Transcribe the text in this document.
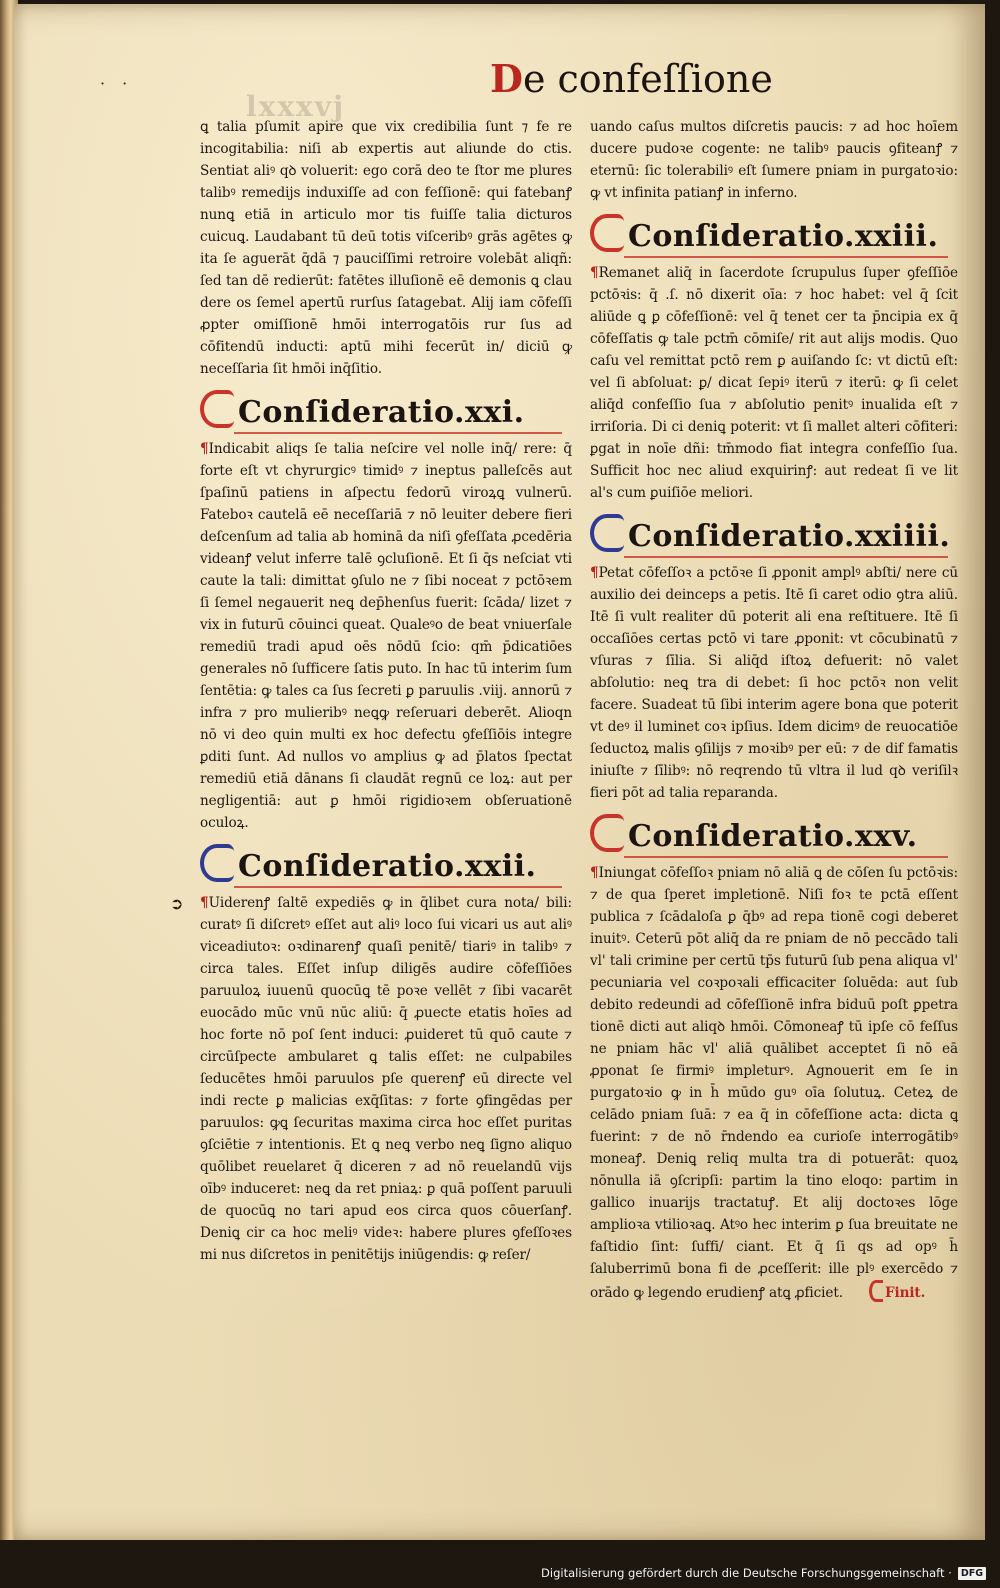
· ·
lxxxvj
De confeſſione
➲

ꝗ talia pſumit apire que vix credibilia ſunt ⁊ fe re incogitabilia: niſi ab expertis aut aliunde do ctis. Sentiat aliꝰ qꝺ voluerit: ego corā deo te ſtor me plures talibꝰ remedijs induxiſſe ad con feſſionē: qui fatebanꝭ nunꝗ etiā in articulo mor tis fuiſſe talia dicturos cuicuꝗ. Laudabant tū deū totis viſceribꝰ grās agētes ꝙ ita ſe aguerāt q̄dā ⁊ pauciſſimi retroire volebāt aliqñ: ſed tan dē redierūt: fatētes illuſionē eē demonis ꝗ clau dere os ſemel apertū rurſus ſatagebat. Alij iam cōfeſſi ꝓpter omiſſionē hmōi interrogatōis rur ſus ad cōfitendū inducti: aptū mihi fecerūt in/ diciū ꝙ neceſſaria ſit hmōi inq̄ſitio.

Conſideratio.xxi.

¶Indicabit aliqs ſe talia neſcire vel nolle inq̄/ rere: q̄ forte eſt vt chyrurgicꝰ timidꝰ ⁊ ineptus palleſcēs aut ſpaſinū patiens in aſpectu fedorū viroꝝꝗ vulnerū. Fateboꝛ cautelā eē neceſſariā ⁊ nō leuiter debere fieri deſcenſum ad talia ab hominā da niſi ꝯfeſſata ꝓcedēria videanꝭ velut inferre talē ꝯcluſionē. Et ſi q̄s neſciat vti caute la tali: dimittat ꝯſulo ne ⁊ ſibi noceat ⁊ pctōꝛem ſi ſemel negauerit neꝗ dep̄henſus fuerit: ſcāda/ lizet ⁊ vix in futurū cōuinci queat. Qualeꝰo de beat vniuerſale remediū tradi apud oēs nōdū ſcio: qm̄ p̄dicatiōes generales nō ſufficere ſatis puto. In hac tū interim ſum ſentētia: ꝙ tales ca ſus ſecreti ꝑ paruulis .viij. annorū ⁊ infra ⁊ pro mulieribꝰ neꝗꝙ reſeruari deberēt. Alioqn nō vi deo quin multi ex hoc defectu ꝯfeſſiōis integre ꝑditi ſunt. Ad nullos vo amplius ꝙ ad p̄latos ſpectat remediū etiā dānans ſi claudāt regnū ce loꝝ: aut per negligentiā: aut ꝑ hmōi rigidioꝛem obſeruationē oculoꝝ.

Conſideratio.xxii.

¶Uiderenꝭ ſaltē expediēs ꝙ in q̄libet cura nota/ bili: curatꝰ ſi diſcretꝰ eſſet aut aliꝰ loco ſui vicari us aut aliꝰ viceadiutoꝛ: oꝛdinarenꝭ quaſi penitē/ tiariꝰ in talibꝰ ⁊ circa tales. Eſſet inſup diligēs audire cōfeſſiōes paruuloꝝ iuuenū quocūꝗ tē poꝛe vellēt ⁊ ſibi vacarēt euocādo mūc vnū nūc aliū: q̄ ꝓuecte etatis hoīes ad hoc forte nō poſ ſent induci: ꝓuideret tū quō caute ⁊ circūſpecte ambularet ꝗ talis eſſet: ne culpabiles ſeducētes hmōi paruulos pſe querenꝭ eū directe vel indi recte ꝑ malicias exq̄ſitas: ⁊ forte ꝯfingēdas per paruulos: ꝙꝗ ſecuritas maxima circa hoc eſſet puritas ꝯſciētie ⁊ intentionis. Et ꝗ neꝗ verbo neꝗ ſigno aliquo quōlibet reuelaret q̄ diceren ⁊ ad nō reuelandū vijs oībꝰ induceret: neꝗ da ret pniaꝝ: ꝑ quā poſſent paruuli de quocūꝗ no tari apud eos circa quos cōuerſanꝭ. Deniꝗ cir ca hoc meliꝰ videꝛ: habere plures ꝯfeſſoꝛes mi nus diſcretos in penitētijs iniūgendis: ꝙ reſer/

uando caſus multos diſcretis paucis: ⁊ ad hoc hoīem ducere pudoꝛe cogente: ne talibꝰ paucis ꝯfiteanꝭ ⁊ eternū: ſic tolerabiliꝰ eſt ſumere pniam in purgatoꝛio: ꝙ vt infinita patianꝭ in inferno.

Conſideratio.xxiii.

¶Remanet aliq̄ in ſacerdote ſcrupulus ſuper ꝯfeſſiōe pctōꝛis: q̄ .ſ. nō dixerit oīa: ⁊ hoc habet: vel q̄ ſcit aliūde ꝗ ꝑ cōfeſſionē: vel q̄ tenet cer ta p̄ncipia ex q̄ cōfeſſatis ꝙ tale pctm̄ cōmiſe/ rit aut alijs modis. Quo caſu vel remittat pctō rem ꝑ auiſando ſc: vt dictū eſt: vel ſi abſoluat: ꝑ/ dicat ſepiꝰ iterū ⁊ iterū: ꝙ ſi celet aliq̄d confeſſio ſua ⁊ abſolutio penitꝰ inualida eſt ⁊ irriſoria. Di ci deniꝗ poterit: vt ſi mallet alteri cōfiteri: ꝑgat in noīe dñi: tm̄modo fiat integra confeſſio ſua. Sufficit hoc nec aliud exquirinꝭ: aut redeat ſi ve lit al's cum ꝑuiſiōe meliori.

Conſideratio.xxiiii.

¶Petat cōfeſſoꝛ a pctōꝛe ſi ꝓponit amplꝰ abſti/ nere cū auxilio dei deinceps a petis. Itē ſi caret odio ꝯtra aliū. Itē ſi vult realiter dū poterit ali ena reſtituere. Itē ſi occaſiōes certas pctō vi tare ꝓponit: vt cōcubinatū ⁊ vſuras ⁊ ſīlia. Si aliq̄d iſtoꝝ defuerit: nō valet abſolutio: neꝗ tra di debet: ſi hoc pctōꝛ non velit facere. Suadeat tū ſibi interim agere bona que poterit vt deꝰ il luminet coꝛ ipſius. Idem dicimꝰ de reuocatiōe ſeductoꝝ malis ꝯſilijs ⁊ moꝛibꝰ per eū: ⁊ de dif famatis iniuſte ⁊ ſīlibꝰ: nō reqrendo tū vltra il lud qꝺ veriſilꝛ fieri pōt ad talia reparanda.

Conſideratio.xxv.

¶Iniungat cōfeſſoꝛ pniam nō aliā ꝗ de cōſen ſu pctōꝛis: ⁊ de qua ſperet impletionē. Niſi foꝛ te pctā eſſent publica ⁊ ſcādaloſa ꝑ q̄bꝰ ad repa tionē cogi deberet inuitꝰ. Ceterū pōt aliq̄ da re pniam de nō peccādo tali vl' tali crimine per certū tp̄s futurū ſub pena aliqua vl' pecuniaria vel coꝛpoꝛali efficaciter ſoluēda: aut ſub debito redeundi ad cōfeſſionē infra biduū poſt ꝑpetra tionē dicti aut aliqꝺ hmōi. Cōmoneaꝭ tū ipſe cō feſſus ne pniam hāc vl' aliā quālibet acceptet ſi nō eā ꝓponat ſe firmiꝰ impleturꝰ. Agnouerit em ſe in purgatoꝛio ꝙ in h̄ mūdo guꝰ oīa ſolutuꝝ. Ceteꝝ de celādo pniam ſuā: ⁊ ea q̄ in cōfeſſione acta: dicta ꝗ fuerint: ⁊ de nō r̄ndendo ea curioſe interrogātibꝰ moneaꝭ. Deniꝗ reliq multa tra di potuerāt: quoꝝ nōnulla iā ꝯſcripſi: partim la tino eloqo: partim in gallico inuarijs tractatuꝭ. Et alij doctoꝛes lōge amplioꝛa vtilioꝛaꝗ. Atꝰo hec interim ꝑ ſua breuitate ne faſtidio ſint: ſuffi/ ciant. Et q̄ ſi qs ad opꝰ h̄ ſaluberrimū bona fi de ꝓceſſerit: ille plꝰ exercēdo ⁊ orādo ꝙ legendo erudienꝭ atꝗ ꝓficiet.	Finit.

Digitalisierung gefördert durch die Deutsche Forschungsgemeinschaft · DFG
